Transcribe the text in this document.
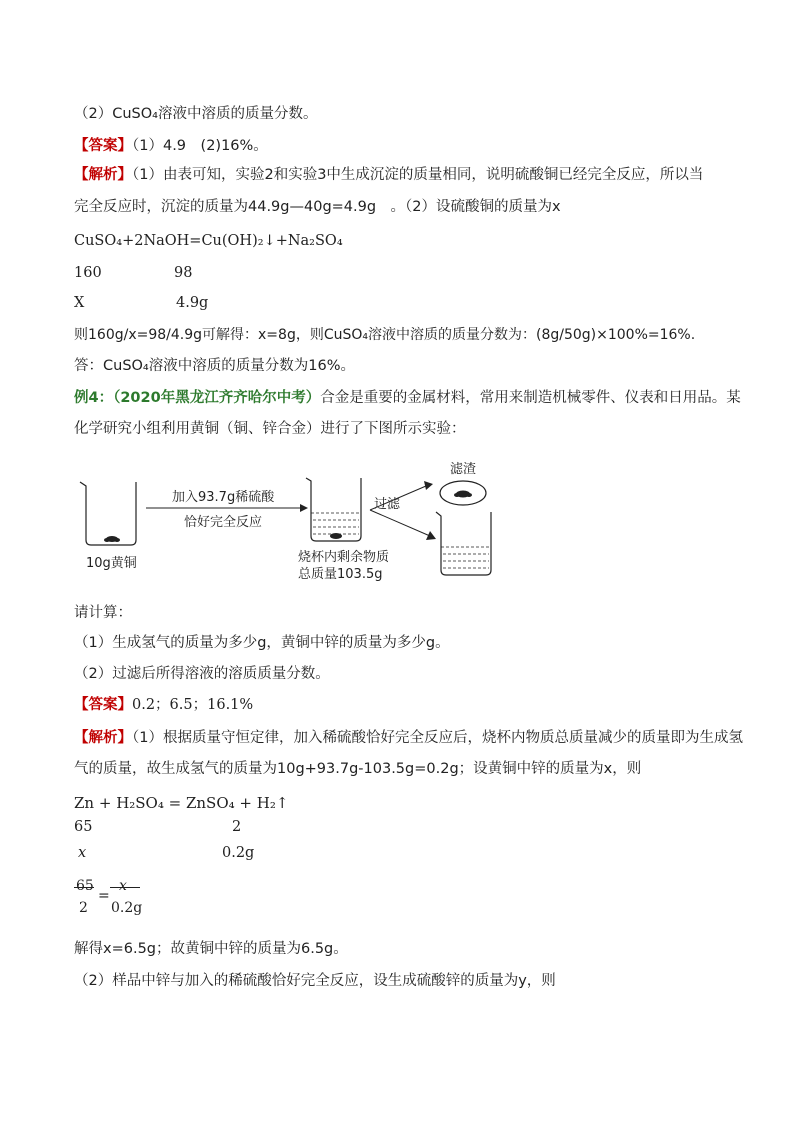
（2）CuSO₄溶液中溶质的质量分数。
【答案】（1）4.9　(2)16%。
【解析】（1）由表可知，实验2和实验3中生成沉淀的质量相同，说明硫酸铜已经完全反应，所以当
完全反应时，沉淀的质量为44.9g—40g=4.9g　。（2）设硫酸铜的质量为x
CuSO₄+2NaOH=Cu(OH)₂↓+Na₂SO₄
160	98
X	4.9g
则160g/x=98/4.9g可解得：x=8g，则CuSO₄溶液中溶质的质量分数为：(8g/50g)×100%=16%.
答：CuSO₄溶液中溶质的质量分数为16%。
例4：（2020年黑龙江齐齐哈尔中考）合金是重要的金属材料，常用来制造机械零件、仪表和日用品。某
化学研究小组利用黄铜（铜、锌合金）进行了下图所示实验：
10g黄铜
加入93.7g稀硫酸
恰好完全反应
烧杯内剩余物质
总质量103.5g
过滤
滤渣
请计算：
（1）生成氢气的质量为多少g，黄铜中锌的质量为多少g。
（2）过滤后所得溶液的溶质质量分数。
【答案】0.2；6.5；16.1%
【解析】（1）根据质量守恒定律，加入稀硫酸恰好完全反应后，烧杯内物质总质量减少的质量即为生成氢
气的质量，故生成氢气的质量为10g+93.7g-103.5g=0.2g；设黄铜中锌的质量为x，则
Zn + H₂SO₄ = ZnSO₄ + H₂↑
65	2
x	0.2g
65
2
=
x
0.2g
解得x=6.5g；故黄铜中锌的质量为6.5g。
（2）样品中锌与加入的稀硫酸恰好完全反应，设生成硫酸锌的质量为y，则
